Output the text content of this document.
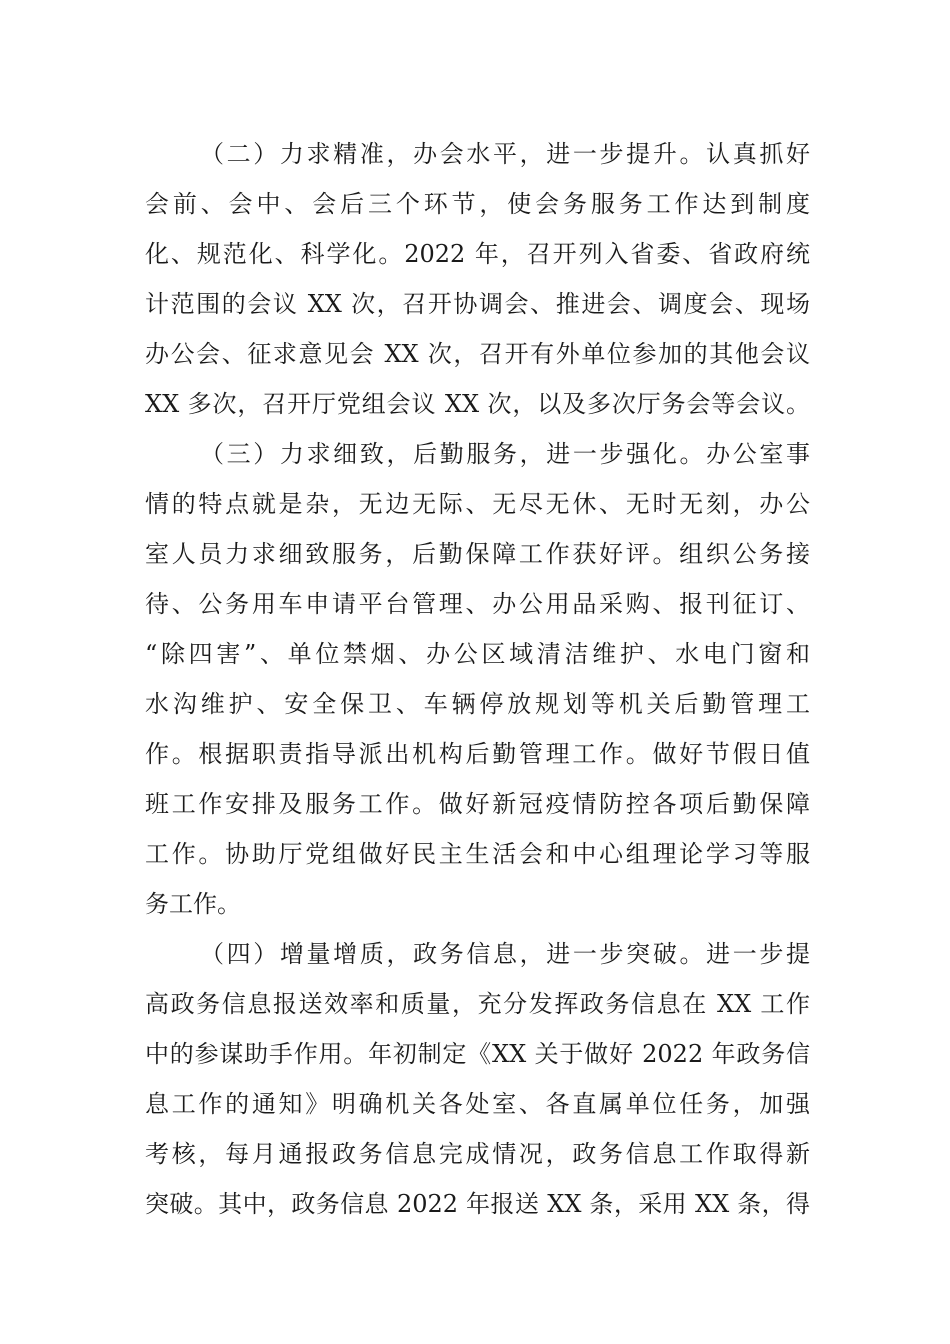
（二）力求精准，办会水平，进一步提升。认真抓好
会前、会中、会后三个环节，使会务服务工作达到制度
化、规范化、科学化。2022 年，召开列入省委、省政府统
计范围的会议 XX 次，召开协调会、推进会、调度会、现场
办公会、征求意见会 XX 次，召开有外单位参加的其他会议
XX 多次，召开厅党组会议 XX 次，以及多次厅务会等会议。
（三）力求细致，后勤服务，进一步强化。办公室事
情的特点就是杂，无边无际、无尽无休、无时无刻，办公
室人员力求细致服务，后勤保障工作获好评。组织公务接
待、公务用车申请平台管理、办公用品采购、报刊征订、
“除四害”、单位禁烟、办公区域清洁维护、水电门窗和
水沟维护、安全保卫、车辆停放规划等机关后勤管理工
作。根据职责指导派出机构后勤管理工作。做好节假日值
班工作安排及服务工作。做好新冠疫情防控各项后勤保障
工作。协助厅党组做好民主生活会和中心组理论学习等服
务工作。
（四）增量增质，政务信息，进一步突破。进一步提
高政务信息报送效率和质量，充分发挥政务信息在 XX 工作
中的参谋助手作用。年初制定《XX 关于做好 2022 年政务信
息工作的通知》明确机关各处室、各直属单位任务，加强
考核，每月通报政务信息完成情况，政务信息工作取得新
突破。其中，政务信息 2022 年报送 XX 条，采用 XX 条，得
